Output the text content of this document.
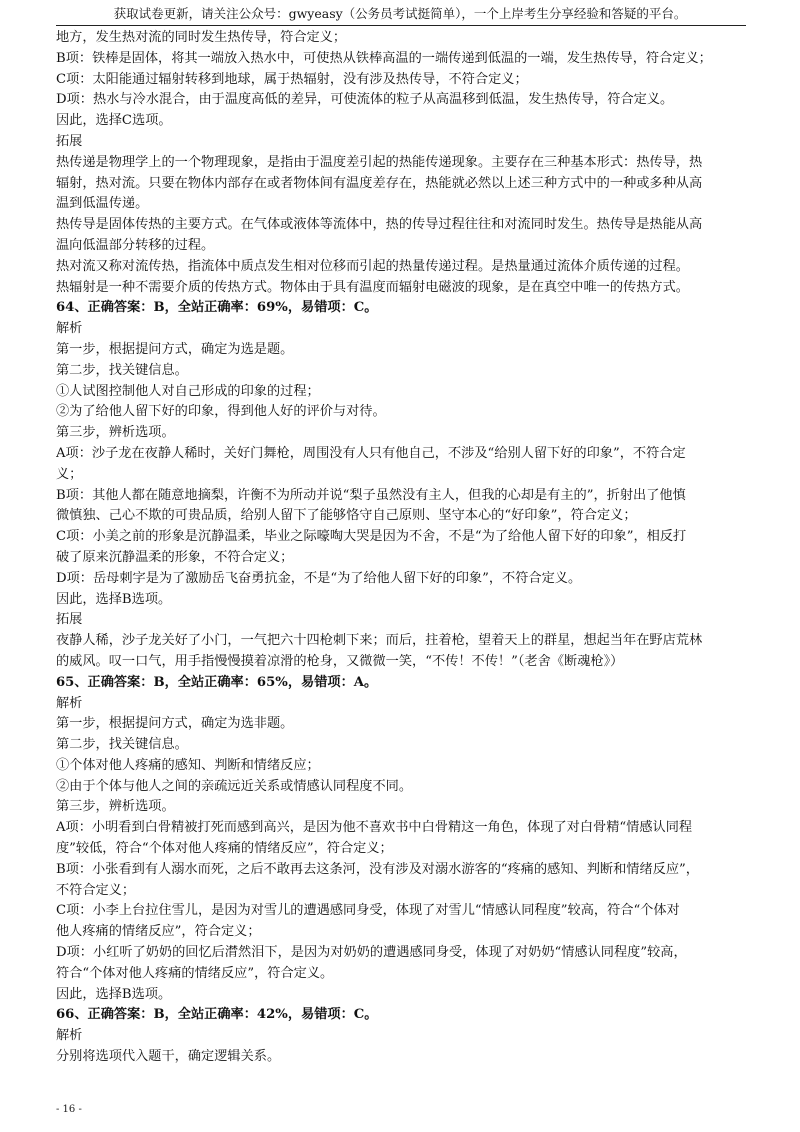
获取试卷更新，请关注公众号：gwyeasy（公务员考试挺简单），一个上岸考生分享经验和答疑的平台。
地方，发生热对流的同时发生热传导，符合定义；
B项：铁棒是固体，将其一端放入热水中，可使热从铁棒高温的一端传递到低温的一端，发生热传导，符合定义；
C项：太阳能通过辐射转移到地球，属于热辐射，没有涉及热传导，不符合定义；
D项：热水与冷水混合，由于温度高低的差异，可使流体的粒子从高温移到低温，发生热传导，符合定义。
因此，选择C选项。
拓展
热传递是物理学上的一个物理现象，是指由于温度差引起的热能传递现象。主要存在三种基本形式：热传导，热
辐射，热对流。只要在物体内部存在或者物体间有温度差存在，热能就必然以上述三种方式中的一种或多种从高
温到低温传递。
热传导是固体传热的主要方式。在气体或液体等流体中，热的传导过程往往和对流同时发生。热传导是热能从高
温向低温部分转移的过程。
热对流又称对流传热，指流体中质点发生相对位移而引起的热量传递过程。是热量通过流体介质传递的过程。
热辐射是一种不需要介质的传热方式。物体由于具有温度而辐射电磁波的现象，是在真空中唯一的传热方式。
64、正确答案：B，全站正确率：69%，易错项：C。
解析
第一步，根据提问方式，确定为选是题。
第二步，找关键信息。
①人试图控制他人对自己形成的印象的过程；
②为了给他人留下好的印象，得到他人好的评价与对待。
第三步，辨析选项。
A项：沙子龙在夜静人稀时，关好门舞枪，周围没有人只有他自己，不涉及“给别人留下好的印象”，不符合定
义；
B项：其他人都在随意地摘梨，许衡不为所动并说“梨子虽然没有主人，但我的心却是有主的”，折射出了他慎
微慎独、己心不欺的可贵品质，给别人留下了能够恪守自己原则、坚守本心的“好印象”，符合定义；
C项：小美之前的形象是沉静温柔，毕业之际嚎啕大哭是因为不舍，不是“为了给他人留下好的印象”，相反打
破了原来沉静温柔的形象，不符合定义；
D项：岳母刺字是为了激励岳飞奋勇抗金，不是“为了给他人留下好的印象”，不符合定义。
因此，选择B选项。
拓展
夜静人稀，沙子龙关好了小门，一气把六十四枪刺下来；而后，拄着枪，望着天上的群星，想起当年在野店荒林
的威风。叹一口气，用手指慢慢摸着凉滑的枪身，又微微一笑，“不传！不传！”（老舍《断魂枪》）
65、正确答案：B，全站正确率：65%，易错项：A。
解析
第一步，根据提问方式，确定为选非题。
第二步，找关键信息。
①个体对他人疼痛的感知、判断和情绪反应；
②由于个体与他人之间的亲疏远近关系或情感认同程度不同。
第三步，辨析选项。
A项：小明看到白骨精被打死而感到高兴，是因为他不喜欢书中白骨精这一角色，体现了对白骨精“情感认同程
度”较低，符合“个体对他人疼痛的情绪反应”，符合定义；
B项：小张看到有人溺水而死，之后不敢再去这条河，没有涉及对溺水游客的“疼痛的感知、判断和情绪反应”，
不符合定义；
C项：小李上台拉住雪儿，是因为对雪儿的遭遇感同身受，体现了对雪儿“情感认同程度”较高，符合“个体对
他人疼痛的情绪反应”，符合定义；
D项：小红听了奶奶的回忆后潸然泪下，是因为对奶奶的遭遇感同身受，体现了对奶奶“情感认同程度”较高，
符合“个体对他人疼痛的情绪反应”，符合定义。
因此，选择B选项。
66、正确答案：B，全站正确率：42%，易错项：C。
解析
分别将选项代入题干，确定逻辑关系。
- 16 -
